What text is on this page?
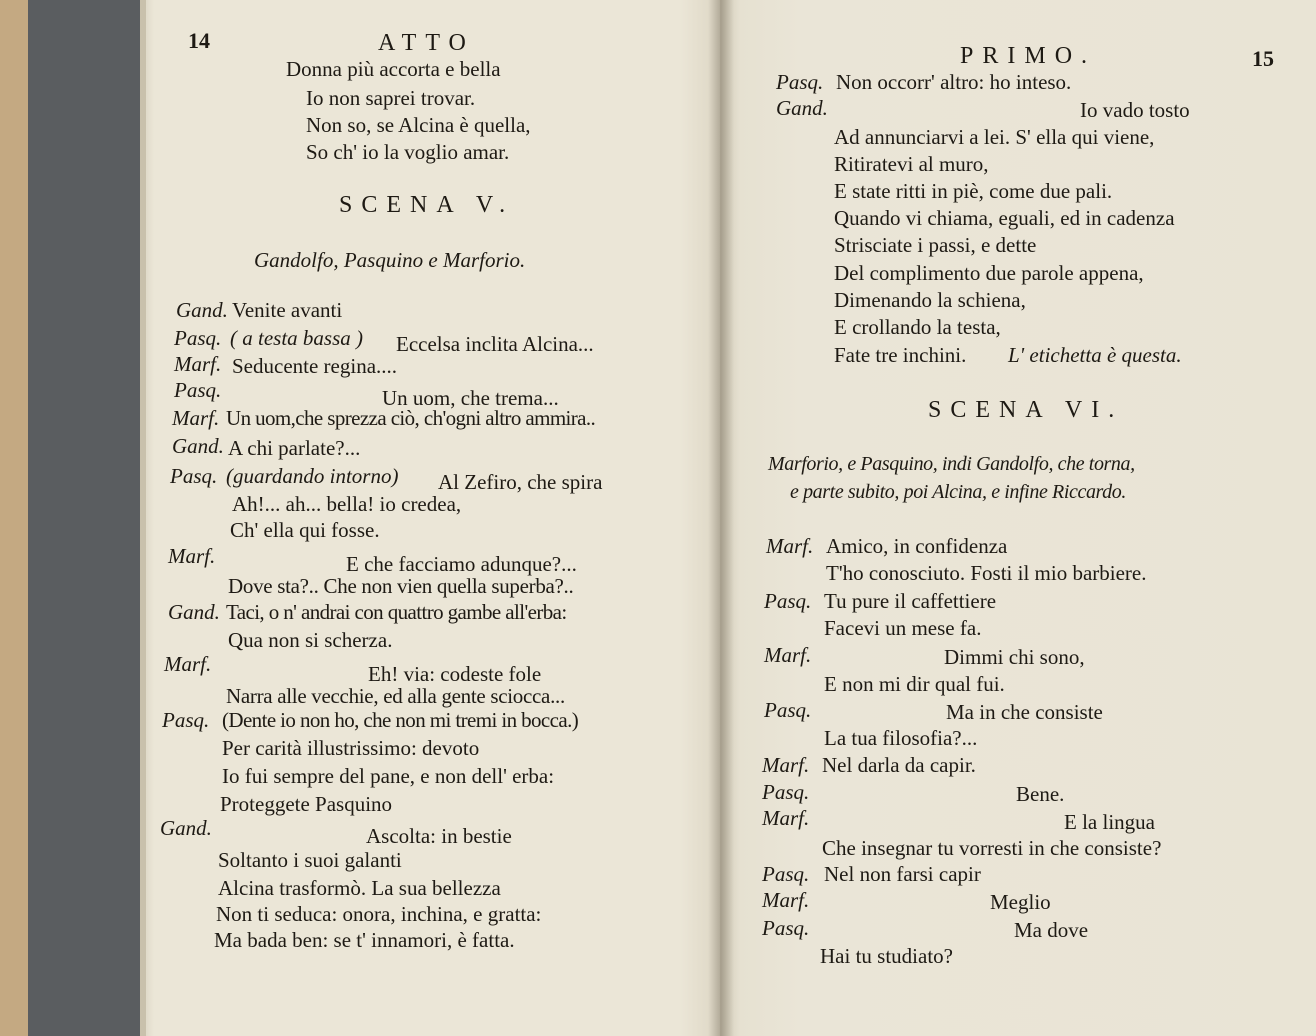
14	ATTO
Donna più accorta e bella
Io non saprei trovar.
Non so, se Alcina è quella,
So ch' io la voglio amar.
SCENA V.
Gandolfo, Pasquino e Marforio.
Gand. Venite avanti
Pasq. ( a testa bassa ) Eccelsa inclita Alcina...
Marf. Seducente regina....
Pasq.	Un uom, che trema...
Marf. Un uom,che sprezza ciò, ch'ogni altro ammira..
Gand. A chi parlate?...
Pasq. (guardando intorno) Al Zefiro, che spira
Ah!... ah... bella! io credea,
Ch' ella qui fosse.
Marf.	E che facciamo adunque?...
Dove sta?.. Che non vien quella superba?..
Gand. Taci, o n' andrai con quattro gambe all'erba:
Qua non si scherza.
Marf.	Eh! via: codeste fole
Narra alle vecchie, ed alla gente sciocca...
Pasq. (Dente io non ho, che non mi tremi in bocca.)
Per carità illustrissimo: devoto
Io fui sempre del pane, e non dell' erba:
Proteggete Pasquino
Gand.	Ascolta: in bestie
Soltanto i suoi galanti
Alcina trasformò. La sua bellezza
Non ti seduca: onora, inchina, e gratta:
Ma bada ben: se t' innamori, è fatta.
PRIMO.	15
Pasq. Non occorr' altro: ho inteso.
Gand.	Io vado tosto
Ad annunciarvi a lei. S' ella qui viene,
Ritiratevi al muro,
E state ritti in piè, come due pali.
Quando vi chiama, eguali, ed in cadenza
Strisciate i passi, e dette
Del complimento due parole appena,
Dimenando la schiena,
E crollando la testa,
Fate tre inchini. L' etichetta è questa.
SCENA VI.
Marforio, e Pasquino, indi Gandolfo, che torna,
e parte subito, poi Alcina, e infine Riccardo.
Marf. Amico, in confidenza
T'ho conosciuto. Fosti il mio barbiere.
Pasq. Tu pure il caffettiere
Facevi un mese fa.
Marf.	Dimmi chi sono,
E non mi dir qual fui.
Pasq.	Ma in che consiste
La tua filosofia?...
Marf. Nel darla da capir.
Pasq.	Bene.
Marf.	E la lingua
Che insegnar tu vorresti in che consiste?
Pasq. Nel non farsi capir
Marf.	Meglio
Pasq.	Ma dove
Hai tu studiato?
